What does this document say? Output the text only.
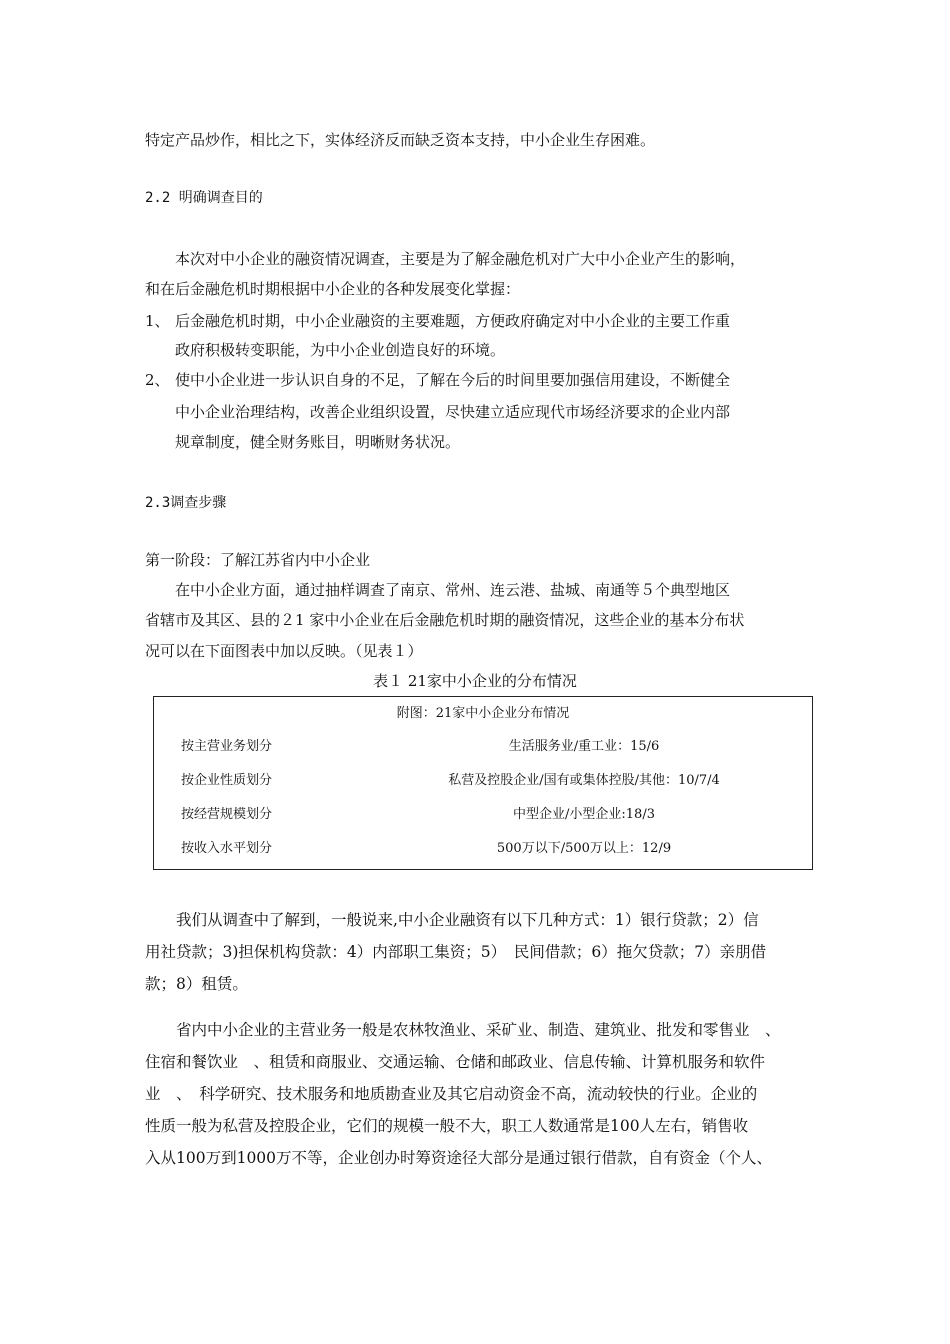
特定产品炒作，相比之下，实体经济反而缺乏资本支持，中小企业生存困难。
2.2 明确调查目的
本次对中小企业的融资情况调查，主要是为了解金融危机对广大中小企业产生的影响，
和在后金融危机时期根据中小企业的各种发展变化掌握：
1、 后金融危机时期，中小企业融资的主要难题，方便政府确定对中小企业的主要工作重
政府积极转变职能，为中小企业创造良好的环境。
2、 使中小企业进一步认识自身的不足，了解在今后的时间里要加强信用建设，不断健全
中小企业治理结构，改善企业组织设置，尽快建立适应现代市场经济要求的企业内部
规章制度，健全财务账目，明晰财务状况。
2.3调查步骤
第一阶段：了解江苏省内中小企业
在中小企业方面，通过抽样调查了南京、常州、连云港、盐城、南通等５个典型地区
省辖市及其区、县的２1 家中小企业在后金融危机时期的融资情况，这些企业的基本分布状
况可以在下面图表中加以反映。（见表１）
表１ 21家中小企业的分布情况
附图：21家中小企业分布情况
按主营业务划分	生活服务业/重工业：15/6
按企业性质划分	私营及控股企业/国有或集体控股/其他：10/7/4
按经营规模划分	中型企业/小型企业:18/3
按收入水平划分	500万以下/500万以上：12/9
　　我们从调查中了解到，一般说来,中小企业融资有以下几种方式：1）银行贷款；2）信
用社贷款；3)担保机构贷款：4）内部职工集资；5）　民间借款；6）拖欠贷款；7）亲朋借
款；8）租赁。
　　省内中小企业的主营业务一般是农林牧渔业、采矿业、制造、建筑业、批发和零售业　、
住宿和餐饮业　、租赁和商服业、交通运输、仓储和邮政业、信息传输、计算机服务和软件
业　、　科学研究、技术服务和地质勘查业及其它启动资金不高，流动较快的行业。企业的
性质一般为私营及控股企业，它们的规模一般不大，职工人数通常是100人左右，销售收
入从100万到1000万不等，企业创办时筹资途径大部分是通过银行借款，自有资金（个人、
